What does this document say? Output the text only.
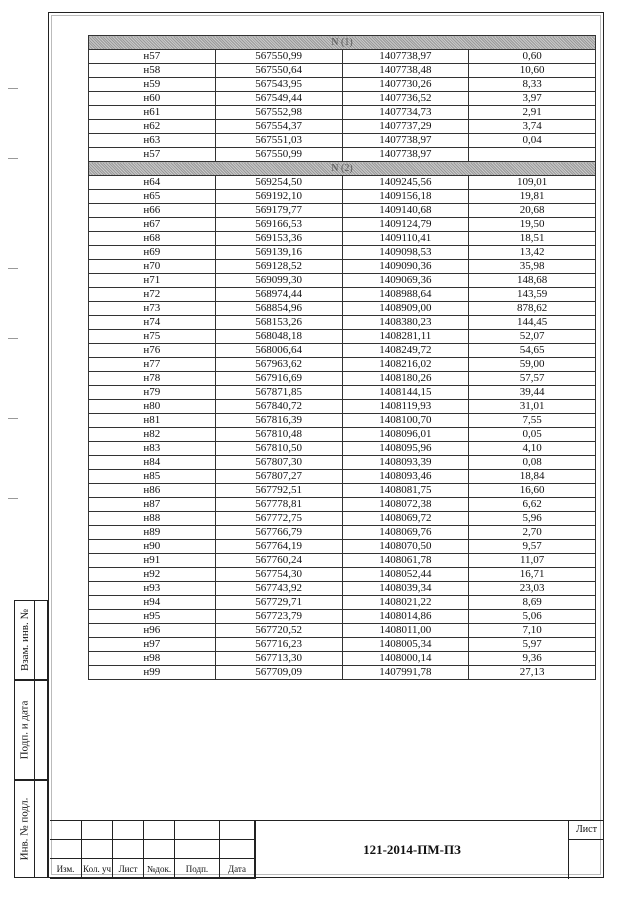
N (1)			
н57	567550,99	1407738,97	0,60
н58	567550,64	1407738,48	10,60
н59	567543,95	1407730,26	8,33
н60	567549,44	1407736,52	3,97
н61	567552,98	1407734,73	2,91
н62	567554,37	1407737,29	3,74
н63	567551,03	1407738,97	0,04
н57	567550,99	1407738,97	
N (2)			
н64	569254,50	1409245,56	109,01
н65	569192,10	1409156,18	19,81
н66	569179,77	1409140,68	20,68
н67	569166,53	1409124,79	19,50
н68	569153,36	1409110,41	18,51
н69	569139,16	1409098,53	13,42
н70	569128,52	1409090,36	35,98
н71	569099,30	1409069,36	148,68
н72	568974,44	1408988,64	143,59
н73	568854,96	1408909,00	878,62
н74	568153,26	1408380,23	144,45
н75	568048,18	1408281,11	52,07
н76	568006,64	1408249,72	54,65
н77	567963,62	1408216,02	59,00
н78	567916,69	1408180,26	57,57
н79	567871,85	1408144,15	39,44
н80	567840,72	1408119,93	31,01
н81	567816,39	1408100,70	7,55
н82	567810,48	1408096,01	0,05
н83	567810,50	1408095,96	4,10
н84	567807,30	1408093,39	0,08
н85	567807,27	1408093,46	18,84
н86	567792,51	1408081,75	16,60
н87	567778,81	1408072,38	6,62
н88	567772,75	1408069,72	5,96
н89	567766,79	1408069,76	2,70
н90	567764,19	1408070,50	9,57
н91	567760,24	1408061,78	11,07
н92	567754,30	1408052,44	16,71
н93	567743,92	1408039,34	23,03
н94	567729,71	1408021,22	8,69
н95	567723,79	1408014,86	5,06
н96	567720,52	1408011,00	7,10
н97	567716,23	1408005,34	5,97
н98	567713,30	1408000,14	9,36
н99	567709,09	1407991,78	27,13
Взам. инв. №
Подп. и дата
Инв. № подл.
Изм. Кол. уч Лист	№док.	Подп.	Дата
121-2014-ПМ-ПЗ
Лист
